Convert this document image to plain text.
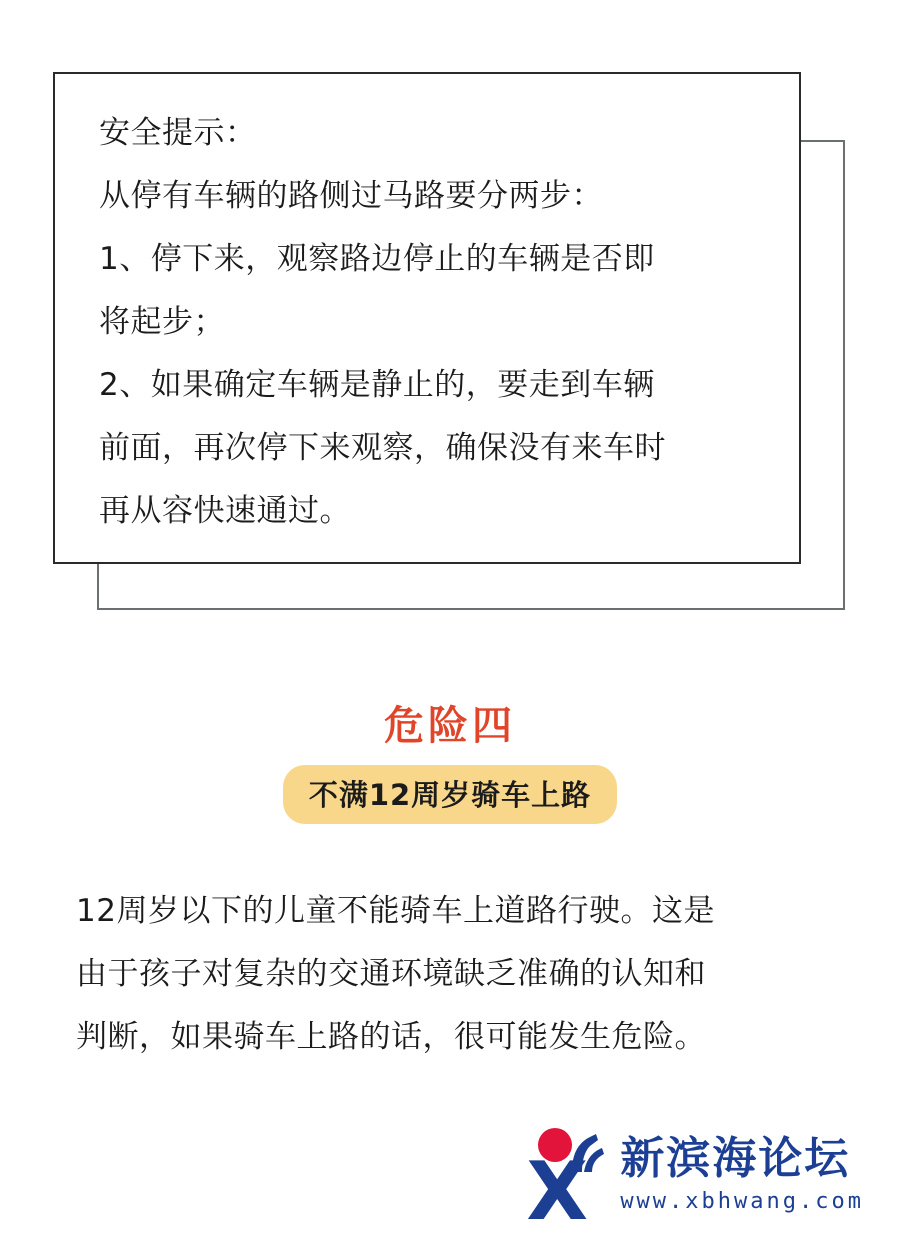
安全提示：
从停有车辆的路侧过马路要分两步：
1、停下来，观察路边停止的车辆是否即
将起步；
2、如果确定车辆是静止的，要走到车辆
前面，再次停下来观察，确保没有来车时
再从容快速通过。
危险四
不满12周岁骑车上路
12周岁以下的儿童不能骑车上道路行驶。这是
由于孩子对复杂的交通环境缺乏准确的认知和
判断，如果骑车上路的话，很可能发生危险。
X 新滨海论坛
www.xbhwang.com
